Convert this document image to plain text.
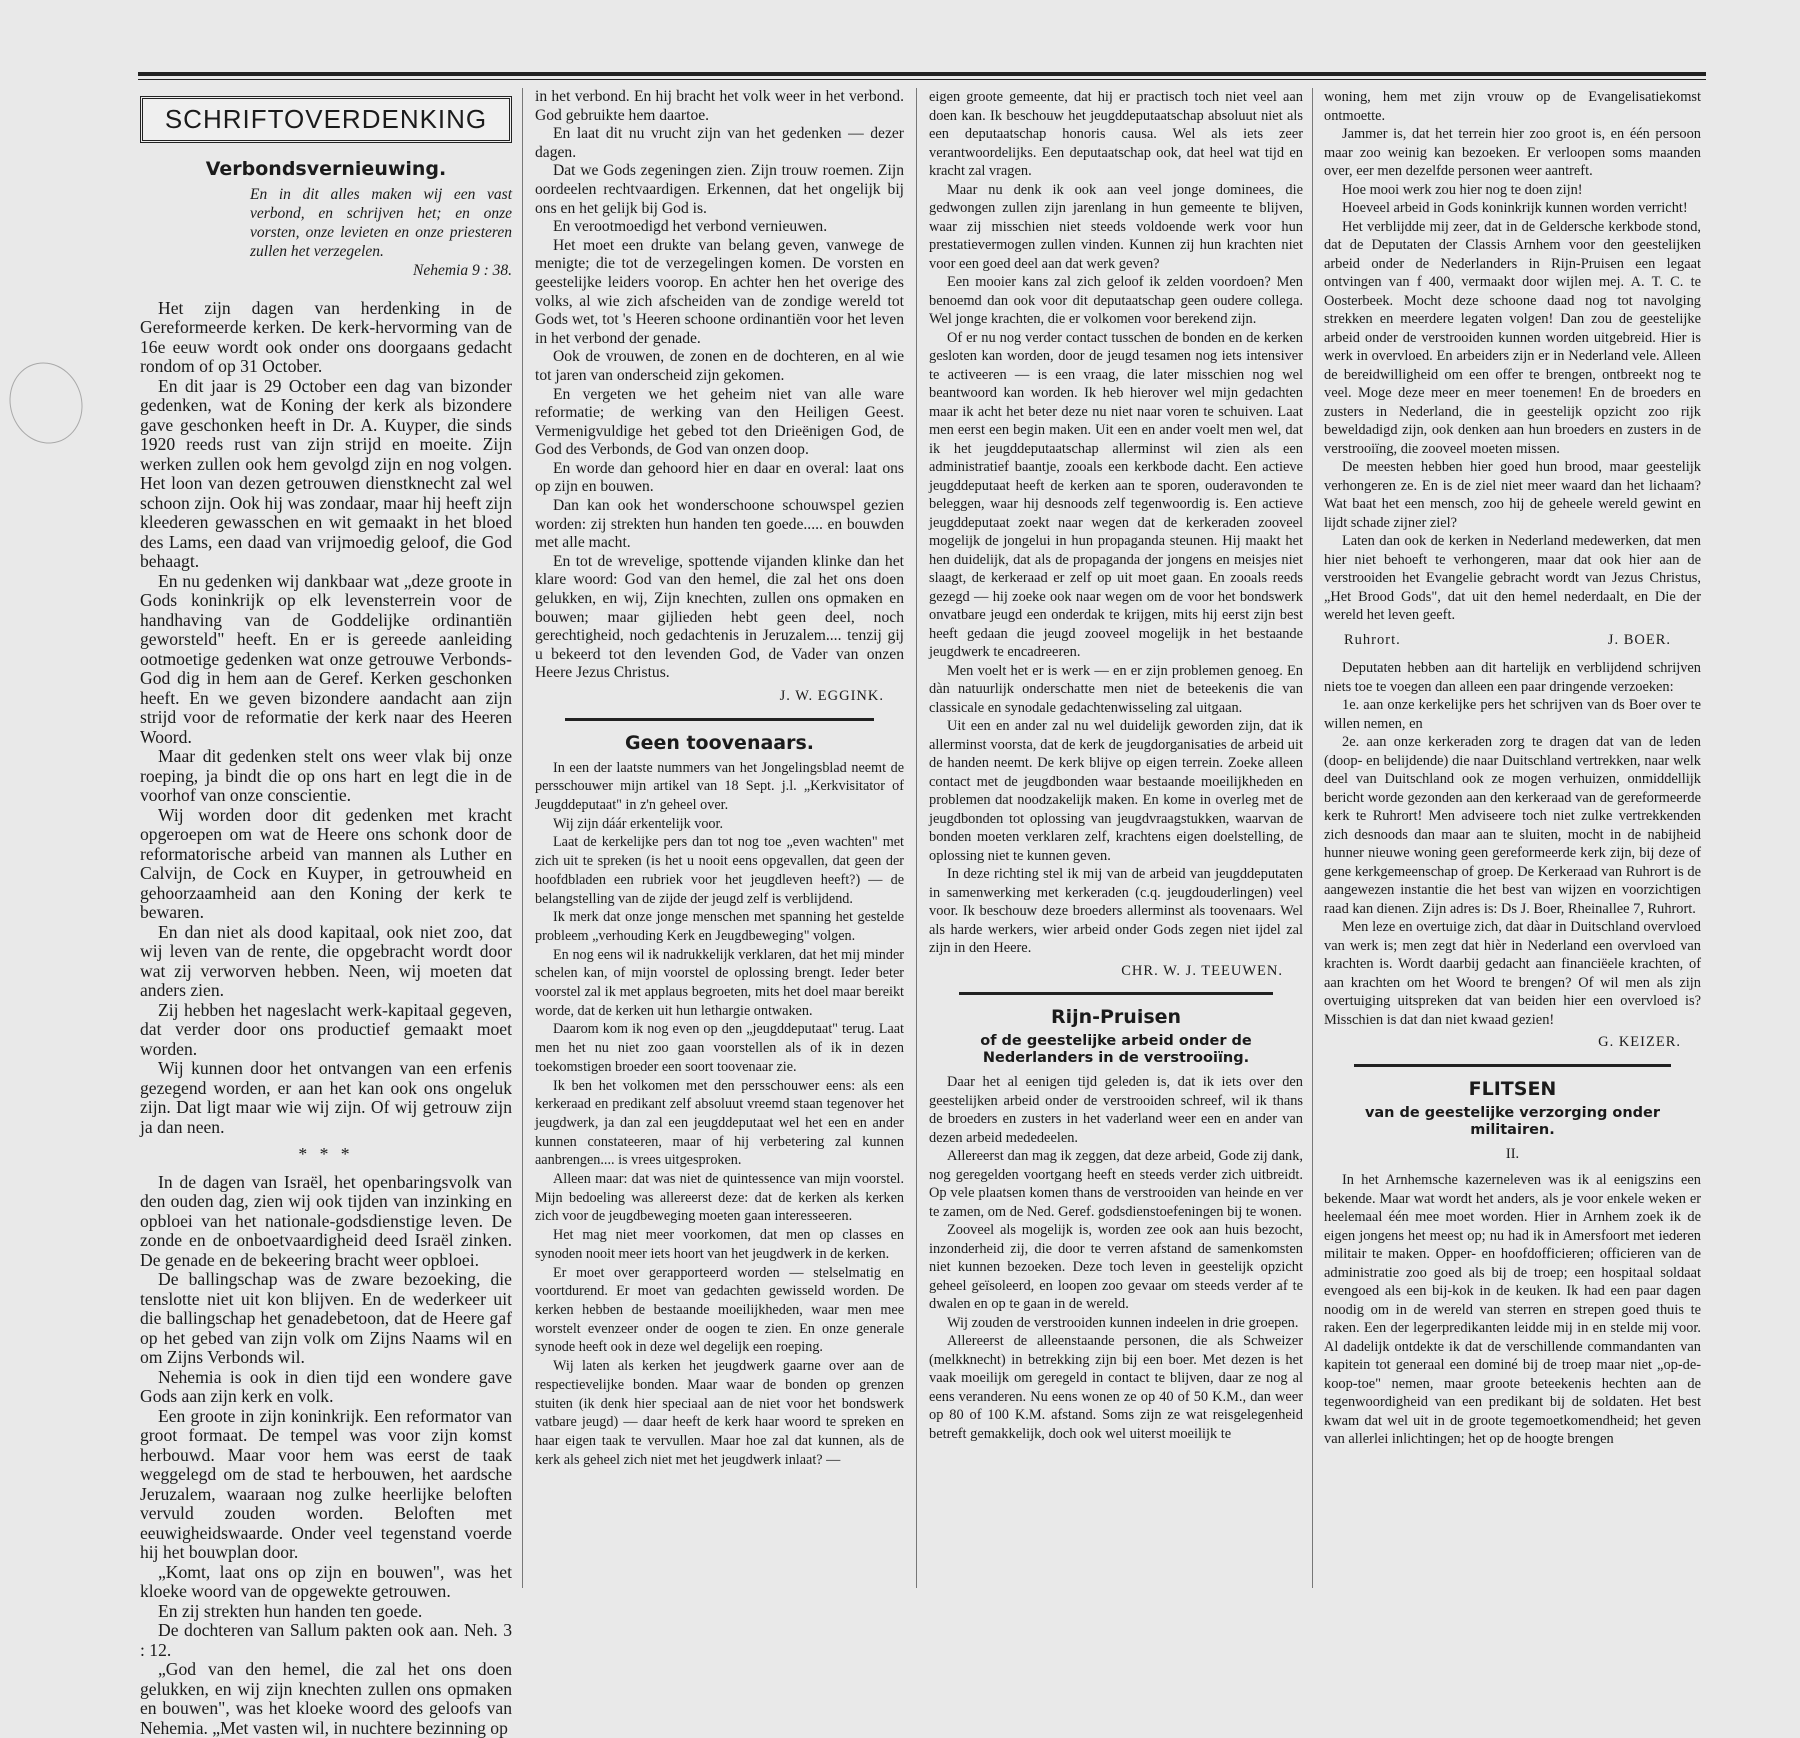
SCHRIFTOVERDENKING
Verbondsvernieuwing.
En in dit alles maken wij een vast verbond, en schrijven het; en onze vorsten, onze levieten en onze priesteren zullen het verzegelen.
Nehemia 9 : 38.

Het zijn dagen van herdenking in de Gereformeerde kerken. De kerk-hervorming van de 16e eeuw wordt ook onder ons doorgaans gedacht rondom of op 31 October.

En dit jaar is 29 October een dag van bizonder gedenken, wat de Koning der kerk als bizondere gave geschonken heeft in Dr. A. Kuyper, die sinds 1920 reeds rust van zijn strijd en moeite. Zijn werken zullen ook hem gevolgd zijn en nog volgen. Het loon van dezen getrouwen dienstknecht zal wel schoon zijn. Ook hij was zondaar, maar hij heeft zijn kleederen gewasschen en wit gemaakt in het bloed des Lams, een daad van vrijmoedig geloof, die God behaagt.

En nu gedenken wij dankbaar wat „deze groote in Gods koninkrijk op elk levensterrein voor de handhaving van de Goddelijke ordinantiën geworsteld" heeft. En er is gereede aanleiding ootmoetige gedenken wat onze getrouwe Verbonds-God dig in hem aan de Geref. Kerken geschonken heeft. En we geven bizondere aandacht aan zijn strijd voor de reformatie der kerk naar des Heeren Woord.

Maar dit gedenken stelt ons weer vlak bij onze roeping, ja bindt die op ons hart en legt die in de voorhof van onze conscientie.

Wij worden door dit gedenken met kracht opgeroepen om wat de Heere ons schonk door de reformatorische arbeid van mannen als Luther en Calvijn, de Cock en Kuyper, in getrouwheid en gehoorzaamheid aan den Koning der kerk te bewaren.

En dan niet als dood kapitaal, ook niet zoo, dat wij leven van de rente, die opgebracht wordt door wat zij verworven hebben. Neen, wij moeten dat anders zien.

Zij hebben het nageslacht werk-kapitaal gegeven, dat verder door ons productief gemaakt moet worden.

Wij kunnen door het ontvangen van een erfenis gezegend worden, er aan het kan ook ons ongeluk zijn. Dat ligt maar wie wij zijn. Of wij getrouw zijn ja dan neen.

* * *

In de dagen van Israël, het openbaringsvolk van den ouden dag, zien wij ook tijden van inzinking en opbloei van het nationale-godsdienstige leven. De zonde en de onboetvaardigheid deed Israël zinken. De genade en de bekeering bracht weer opbloei.

De ballingschap was de zware bezoeking, die tenslotte niet uit kon blijven. En de wederkeer uit die ballingschap het genadebetoon, dat de Heere gaf op het gebed van zijn volk om Zijns Naams wil en om Zijns Verbonds wil.

Nehemia is ook in dien tijd een wondere gave Gods aan zijn kerk en volk.

Een groote in zijn koninkrijk. Een reformator van groot formaat. De tempel was voor zijn komst herbouwd. Maar voor hem was eerst de taak weggelegd om de stad te herbouwen, het aardsche Jeruzalem, waaraan nog zulke heerlijke beloften vervuld zouden worden. Beloften met eeuwigheidswaarde. Onder veel tegenstand voerde hij het bouwplan door.

„Komt, laat ons op zijn en bouwen", was het kloeke woord van de opgewekte getrouwen.

En zij strekten hun handen ten goede.

De dochteren van Sallum pakten ook aan. Neh. 3 : 12.

„God van den hemel, die zal het ons doen gelukken, en wij zijn knechten zullen ons opmaken en bouwen", was het kloeke woord des geloofs van Nehemia. „Met vasten wil, in nuchtere bezinning op

in het verbond. En hij bracht het volk weer in het verbond. God gebruikte hem daartoe.

En laat dit nu vrucht zijn van het gedenken — dezer dagen.

Dat we Gods zegeningen zien. Zijn trouw roemen. Zijn oordeelen rechtvaardigen. Erkennen, dat het ongelijk bij ons en het gelijk bij God is.

En verootmoedigd het verbond vernieuwen.

Het moet een drukte van belang geven, vanwege de menigte; die tot de verzegelingen komen. De vorsten en geestelijke leiders voorop. En achter hen het overige des volks, al wie zich afscheiden van de zondige wereld tot Gods wet, tot 's Heeren schoone ordinantiën voor het leven in het verbond der genade.

Ook de vrouwen, de zonen en de dochteren, en al wie tot jaren van onderscheid zijn gekomen.

En vergeten we het geheim niet van alle ware reformatie; de werking van den Heiligen Geest. Vermenigvuldige het gebed tot den Drieënigen God, de God des Verbonds, de God van onzen doop.

En worde dan gehoord hier en daar en overal: laat ons op zijn en bouwen.

Dan kan ook het wonderschoone schouwspel gezien worden: zij strekten hun handen ten goede..... en bouwden met alle macht.

En tot de wrevelige, spottende vijanden klinke dan het klare woord: God van den hemel, die zal het ons doen gelukken, en wij, Zijn knechten, zullen ons opmaken en bouwen; maar gijlieden hebt geen deel, noch gerechtigheid, noch gedachtenis in Jeruzalem.... tenzij gij u bekeerd tot den levenden God, de Vader van onzen Heere Jezus Christus.

J. W. EGGINK.
Geen toovenaars.

In een der laatste nummers van het Jongelingsblad neemt de persschouwer mijn artikel van 18 Sept. j.l. „Kerkvisitator of Jeugddeputaat" in z'n geheel over.

Wij zijn dáár erkentelijk voor.

Laat de kerkelijke pers dan tot nog toe „even wachten" met zich uit te spreken (is het u nooit eens opgevallen, dat geen der hoofdbladen een rubriek voor het jeugdleven heeft?) — de belangstelling van de zijde der jeugd zelf is verblijdend.

Ik merk dat onze jonge menschen met spanning het gestelde probleem „verhouding Kerk en Jeugdbeweging" volgen.

En nog eens wil ik nadrukkelijk verklaren, dat het mij minder schelen kan, of mijn voorstel de oplossing brengt. Ieder beter voorstel zal ik met applaus begroeten, mits het doel maar bereikt worde, dat de kerken uit hun lethargie ontwaken.

Daarom kom ik nog even op den „jeugddeputaat" terug. Laat men het nu niet zoo gaan voorstellen als of ik in dezen toekomstigen broeder een soort toovenaar zie.

Ik ben het volkomen met den persschouwer eens: als een kerkeraad en predikant zelf absoluut vreemd staan tegenover het jeugdwerk, ja dan zal een jeugddeputaat wel het een en ander kunnen constateeren, maar of hij verbetering zal kunnen aanbrengen.... is vrees uitgesproken.

Alleen maar: dat was niet de quintessence van mijn voorstel. Mijn bedoeling was allereerst deze: dat de kerken als kerken zich voor de jeugdbeweging moeten gaan interesseeren.

Het mag niet meer voorkomen, dat men op classes en synoden nooit meer iets hoort van het jeugdwerk in de kerken.

Er moet over gerapporteerd worden — stelselmatig en voortdurend. Er moet van gedachten gewisseld worden. De kerken hebben de bestaande moeilijkheden, waar men mee worstelt evenzeer onder de oogen te zien. En onze generale synode heeft ook in deze wel degelijk een roeping.

Wij laten als kerken het jeugdwerk gaarne over aan de respectievelijke bonden. Maar waar de bonden op grenzen stuiten (ik denk hier speciaal aan de niet voor het bondswerk vatbare jeugd) — daar heeft de kerk haar woord te spreken en haar eigen taak te vervullen. Maar hoe zal dat kunnen, als de kerk als geheel zich niet met het jeugdwerk inlaat? —

eigen groote gemeente, dat hij er practisch toch niet veel aan doen kan. Ik beschouw het jeugddeputaatschap absoluut niet als een deputaatschap honoris causa. Wel als iets zeer verantwoordelijks. Een deputaatschap ook, dat heel wat tijd en kracht zal vragen.

Maar nu denk ik ook aan veel jonge dominees, die gedwongen zullen zijn jarenlang in hun gemeente te blijven, waar zij misschien niet steeds voldoende werk voor hun prestatievermogen zullen vinden. Kunnen zij hun krachten niet voor een goed deel aan dat werk geven?

Een mooier kans zal zich geloof ik zelden voordoen? Men benoemd dan ook voor dit deputaatschap geen oudere collega. Wel jonge krachten, die er volkomen voor berekend zijn.

Of er nu nog verder contact tusschen de bonden en de kerken gesloten kan worden, door de jeugd tesamen nog iets intensiver te activeeren — is een vraag, die later misschien nog wel beantwoord kan worden. Ik heb hierover wel mijn gedachten maar ik acht het beter deze nu niet naar voren te schuiven. Laat men eerst een begin maken. Uit een en ander voelt men wel, dat ik het jeugddeputaatschap allerminst wil zien als een administratief baantje, zooals een kerkbode dacht. Een actieve jeugddeputaat heeft de kerken aan te sporen, ouderavonden te beleggen, waar hij desnoods zelf tegenwoordig is. Een actieve jeugddeputaat zoekt naar wegen dat de kerkeraden zooveel mogelijk de jongelui in hun propaganda steunen. Hij maakt het hen duidelijk, dat als de propaganda der jongens en meisjes niet slaagt, de kerkeraad er zelf op uit moet gaan. En zooals reeds gezegd — hij zoeke ook naar wegen om de voor het bondswerk onvatbare jeugd een onderdak te krijgen, mits hij eerst zijn best heeft gedaan die jeugd zooveel mogelijk in het bestaande jeugdwerk te encadreeren.

Men voelt het er is werk — en er zijn problemen genoeg. En dàn natuurlijk onderschatte men niet de beteekenis die van classicale en synodale gedachtenwisseling zal uitgaan.

Uit een en ander zal nu wel duidelijk geworden zijn, dat ik allerminst voorsta, dat de kerk de jeugdorganisaties de arbeid uit de handen neemt. De kerk blijve op eigen terrein. Zoeke alleen contact met de jeugdbonden waar bestaande moeilijkheden en problemen dat noodzakelijk maken. En kome in overleg met de jeugdbonden tot oplossing van jeugdvraagstukken, waarvan de bonden moeten verklaren zelf, krachtens eigen doelstelling, de oplossing niet te kunnen geven.

In deze richting stel ik mij van de arbeid van jeugddeputaten in samenwerking met kerkeraden (c.q. jeugdouderlingen) veel voor. Ik beschouw deze broeders allerminst als toovenaars. Wel als harde werkers, wier arbeid onder Gods zegen niet ijdel zal zijn in den Heere.

CHR. W. J. TEEUWEN.
Rijn-Pruisen
of de geestelijke arbeid onder de Nederlanders in de verstrooiïng.

Daar het al eenigen tijd geleden is, dat ik iets over den geestelijken arbeid onder de verstrooiden schreef, wil ik thans de broeders en zusters in het vaderland weer een en ander van dezen arbeid mededeelen.

Allereerst dan mag ik zeggen, dat deze arbeid, Gode zij dank, nog geregelden voortgang heeft en steeds verder zich uitbreidt. Op vele plaatsen komen thans de verstrooiden van heinde en ver te zamen, om de Ned. Geref. godsdienstoefeningen bij te wonen.

Zooveel als mogelijk is, worden zee ook aan huis bezocht, inzonderheid zij, die door te verren afstand de samenkomsten niet kunnen bezoeken. Deze toch leven in geestelijk opzicht geheel geïsoleerd, en loopen zoo gevaar om steeds verder af te dwalen en op te gaan in de wereld.

Wij zouden de verstrooiden kunnen indeelen in drie groepen.

Allereerst de alleenstaande personen, die als Schweizer (melkknecht) in betrekking zijn bij een boer. Met dezen is het vaak moeilijk om geregeld in contact te blijven, daar ze nog al eens veranderen. Nu eens wonen ze op 40 of 50 K.M., dan weer op 80 of 100 K.M. afstand. Soms zijn ze wat reisgelegenheid betreft gemakkelijk, doch ook wel uiterst moeilijk te

woning, hem met zijn vrouw op de Evangelisatiekomst ontmoette.

Jammer is, dat het terrein hier zoo groot is, en één persoon maar zoo weinig kan bezoeken. Er verloopen soms maanden over, eer men dezelfde personen weer aantreft.

Hoe mooi werk zou hier nog te doen zijn!

Hoeveel arbeid in Gods koninkrijk kunnen worden verricht!

Het verblijdde mij zeer, dat in de Geldersche kerkbode stond, dat de Deputaten der Classis Arnhem voor den geestelijken arbeid onder de Nederlanders in Rijn-Pruisen een legaat ontvingen van f 400, vermaakt door wijlen mej. A. T. C. te Oosterbeek. Mocht deze schoone daad nog tot navolging strekken en meerdere legaten volgen! Dan zou de geestelijke arbeid onder de verstrooiden kunnen worden uitgebreid. Hier is werk in overvloed. En arbeiders zijn er in Nederland vele. Alleen de bereidwilligheid om een offer te brengen, ontbreekt nog te veel. Moge deze meer en meer toenemen! En de broeders en zusters in Nederland, die in geestelijk opzicht zoo rijk beweldadigd zijn, ook denken aan hun broeders en zusters in de verstrooiïng, die zooveel moeten missen.

De meesten hebben hier goed hun brood, maar geestelijk verhongeren ze. En is de ziel niet meer waard dan het lichaam? Wat baat het een mensch, zoo hij de geheele wereld gewint en lijdt schade zijner ziel?

Laten dan ook de kerken in Nederland medewerken, dat men hier niet behoeft te verhongeren, maar dat ook hier aan de verstrooiden het Evangelie gebracht wordt van Jezus Christus, „Het Brood Gods", dat uit den hemel nederdaalt, en Die der wereld het leven geeft.

Ruhrort.	J. BOER.

Deputaten hebben aan dit hartelijk en verblijdend schrijven niets toe te voegen dan alleen een paar dringende verzoeken:

1e. aan onze kerkelijke pers het schrijven van ds Boer over te willen nemen, en

2e. aan onze kerkeraden zorg te dragen dat van de leden (doop- en belijdende) die naar Duitschland vertrekken, naar welk deel van Duitschland ook ze mogen verhuizen, onmiddellijk bericht worde gezonden aan den kerkeraad van de gereformeerde kerk te Ruhrort! Men adviseere toch niet zulke vertrekkenden zich desnoods dan maar aan te sluiten, mocht in de nabijheid hunner nieuwe woning geen gereformeerde kerk zijn, bij deze of gene kerkgemeenschap of groep. De Kerkeraad van Ruhrort is de aangewezen instantie die het best van wijzen en voorzichtigen raad kan dienen. Zijn adres is: Ds J. Boer, Rheinallee 7, Ruhrort.

Men leze en overtuige zich, dat dàar in Duitschland overvloed van werk is; men zegt dat hièr in Nederland een overvloed van krachten is. Wordt daarbij gedacht aan financiëele krachten, of aan krachten om het Woord te brengen? Of wil men als zijn overtuiging uitspreken dat van beiden hier een overvloed is? Misschien is dat dan niet kwaad gezien!

G. KEIZER.
FLITSEN
van de geestelijke verzorging onder militairen.
II.

In het Arnhemsche kazerneleven was ik al eenigszins een bekende. Maar wat wordt het anders, als je voor enkele weken er heelemaal één mee moet worden. Hier in Arnhem zoek ik de eigen jongens het meest op; nu had ik in Amersfoort met iederen militair te maken. Opper- en hoofdofficieren; officieren van de administratie zoo goed als bij de troep; een hospitaal soldaat evengoed als een bij-kok in de keuken. Ik had een paar dagen noodig om in de wereld van sterren en strepen goed thuis te raken. Een der legerpredikanten leidde mij in en stelde mij voor. Al dadelijk ontdekte ik dat de verschillende commandanten van kapitein tot generaal een dominé bij de troep maar niet „op-de-koop-toe" nemen, maar groote beteekenis hechten aan de tegenwoordigheid van een predikant bij de soldaten. Het best kwam dat wel uit in de groote tegemoetkomendheid; het geven van allerlei inlichtingen; het op de hoogte brengen
